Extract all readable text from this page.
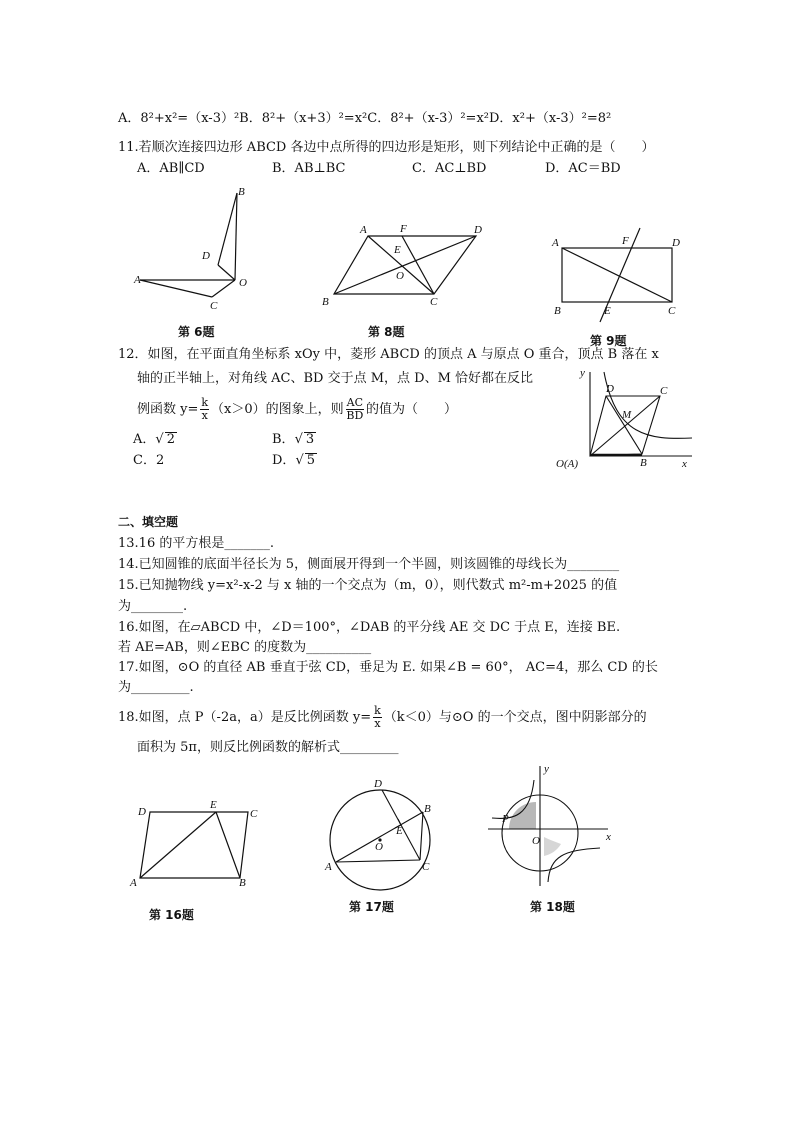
A．8²+x²=（x-3）²B．8²+（x+3）²=x²C．8²+（x-3）²=x²D．x²+（x-3）²=8²
11.若顺次连接四边形 ABCD 各边中点所得的四边形是矩形，则下列结论中正确的是（　　）
A．AB∥CD	B．AB⊥BC	C．AC⊥BD	D．AC＝BD
B
D
A	O
C
第 6题
A	F	D
E
O
B	C
第 8题
A	F	D
B	E	C
第 9题
12．如图，在平面直角坐标系 xOy 中，菱形 ABCD 的顶点 A 与原点 O 重合，顶点 B 落在 x
轴的正半轴上，对角线 AC、BD 交于点 M，点 D、M 恰好都在反比
例函数 $y= \frac{k}{x} (x>0)$的图象上，则 $\frac{AC}{BD}$ 的值为（　　）
A．√ 2	B．√ 3
C．2	D．√ 5
y
D	C
M
O(A)	B	x
二、填空题
13.16 的平方根是_______.
14.已知圆锥的底面半径长为 5，侧面展开得到一个半圆，则该圆锥的母线长为________
15.已知抛物线 y=x²-x-2 与 x 轴的一个交点为（m，0），则代数式 m²-m+2025 的值
为________.
16.如图，在▱ABCD 中，∠D＝100°，∠DAB 的平分线 AE 交 DC 于点 E，连接 BE.
若 AE=AB，则∠EBC 的度数为__________
17.如图，⊙O 的直径 AB 垂直于弦 CD，垂足为 E. 如果∠B = 60°， AC=4，那么 CD 的长
为_________.
18.如图，点 P（-2a，a）是反比例函数 $y= \frac{k}{x} (k<0)$与⊙O 的一个交点，图中阴影部分的
面积为 5π，则反比例函数的解析式_________
D
E
C
A	B
第 16题
D
B
E
O
A	C
第 17题
y
P
O	x
第 18题
